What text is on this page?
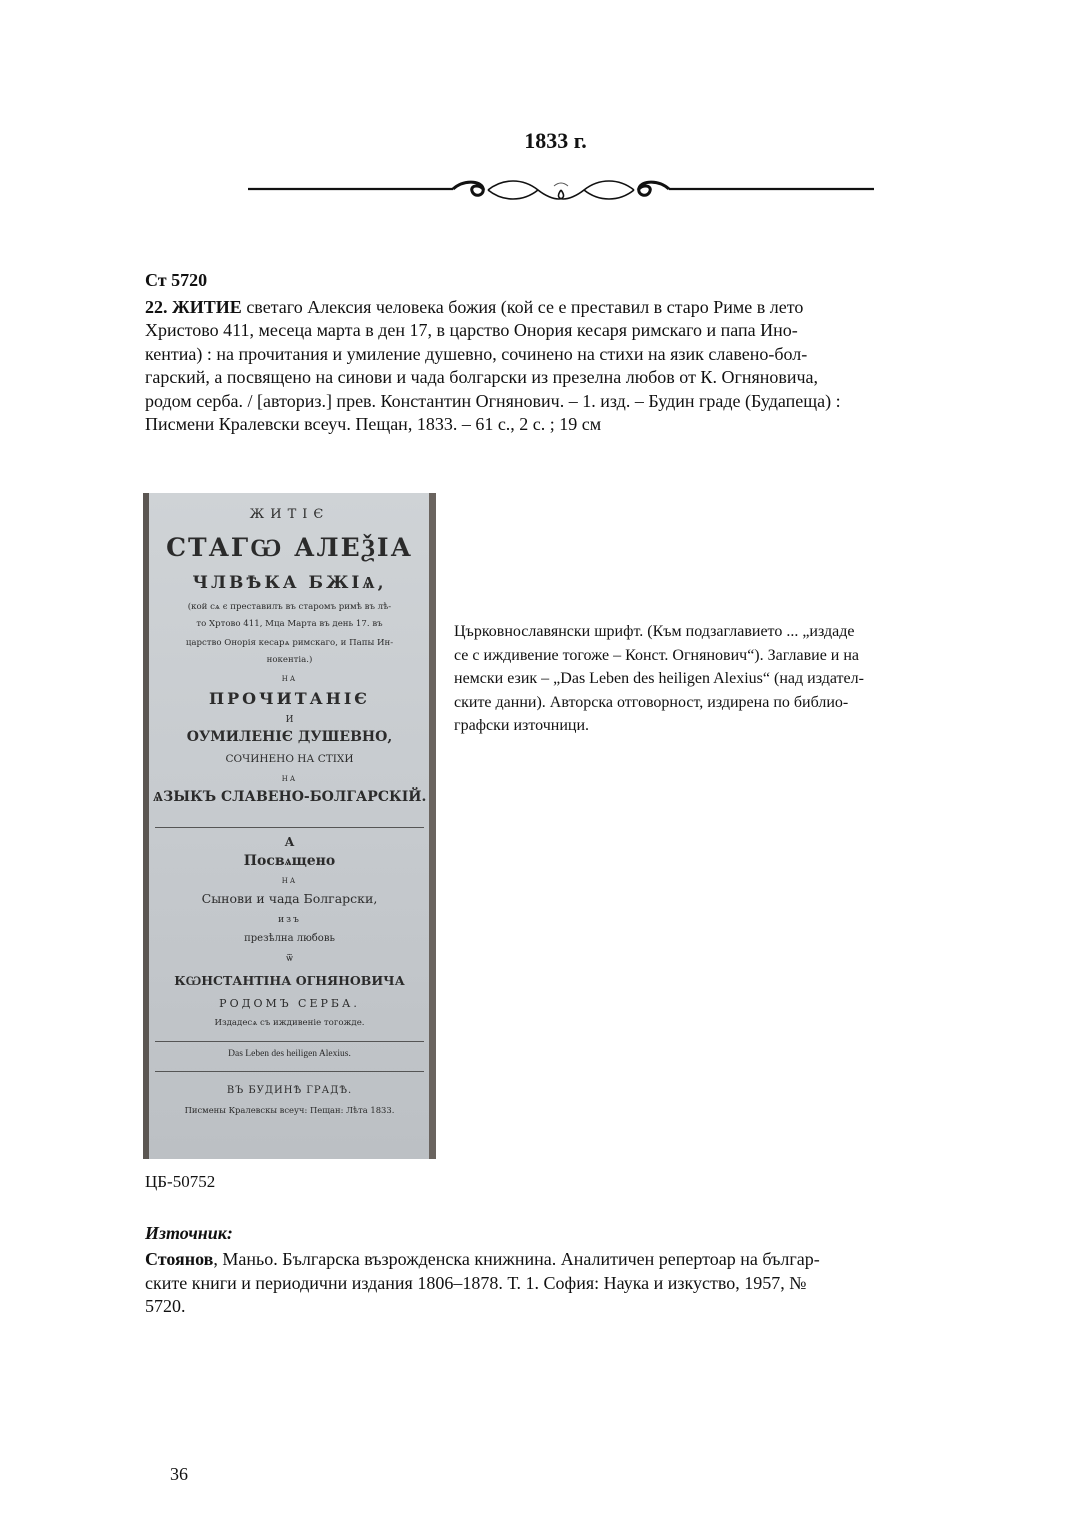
1833 г.
Ст 5720
22. ЖИТИЕ светаго Алексия человека божия (кой се е преставил в старо Риме в лето
Христово 411, месеца марта в ден 17, в царство Онория кесаря римскаго и папа Ино-
кентиа) : на прочитания и умиление душевно, сочинено на стихи на язик славено-бол-
гарский, а посвящено на синови и чада болгарски из презелна любов от К. Огняновича,
родом серба. / [авториз.] прев. Константин Огнянович. – 1. изд. – Будин граде (Будапеща) :
Писмени Кралевски всеуч. Пещан, 1833. – 61 с., 2 с. ; 19 см
ЖИТІЄ
СТАГѠ АЛЕѮІА
ЧЛВѢКА БЖІѦ,
(кой сѧ є преставилъ въ старомъ римѣ въ лѣ-
то Хртово 411, Мца Марта въ день 17. въ
царство Онорія кесарѧ римскаго, и Папы Ин-
нокентіа.)
НА
ПРОЧИТАНІЄ
И
ОУМИЛЕНІЄ ДУШЕВНО,
СОЧИНЕНО НА СТІХИ
НА
ѦЗЫКЪ СЛАВЕНО-БОЛГАРСКІЙ.
А
Посвѧщено
НА
Сынови и чада Болгарски,
изъ
презѣлна любовь
ѿ
КѠНСТАНТІНА ОГНЯНОВИЧА
РОДОМЪ СЕРБА.
Издадесѧ съ иждивеніе тогожде.
Das Leben des heiligen Alexius.
ВЪ БУДИНѢ ГРАДѢ.
Писмены Кралевскы всеуч: Пещан: Лѣта 1833.
Църковнославянски шрифт. (Към подзаглавието ... „издаде
се с иждивение тогоже – Конст. Огнянович“). Заглавие и на
немски език – „Das Leben des heiligen Alexius“ (над издател-
ските данни). Авторска отговорност, издирена по библио-
графски източници.
ЦБ-50752
Източник:
Стоянов, Маньо. Българска възрожденска книжнина. Аналитичен репертоар на българ-
ските книги и периодични издания 1806–1878. Т. 1. София: Наука и изкуство, 1957, №
5720.
36
